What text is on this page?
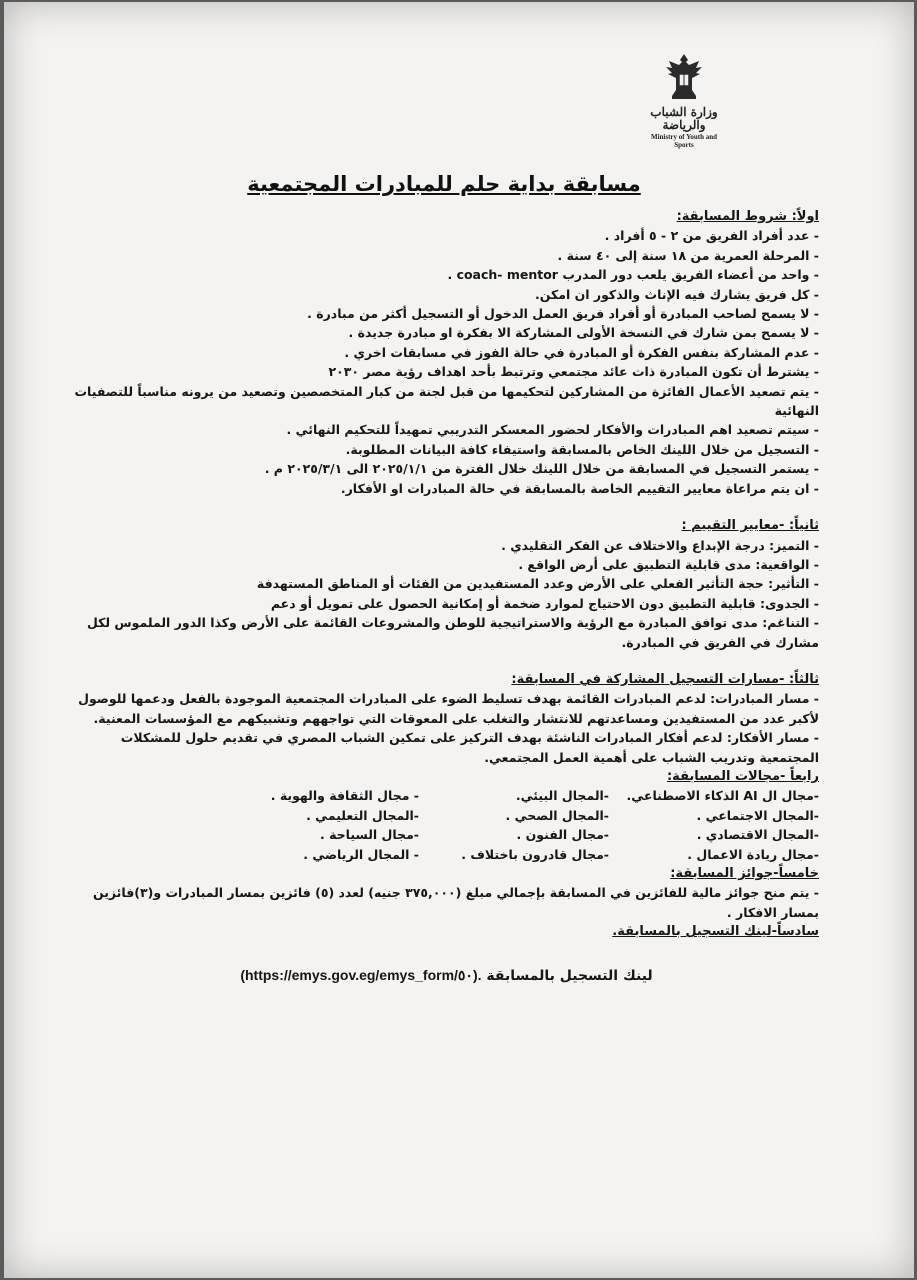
وزارة الشباب والرياضة
Ministry of Youth and Sports
مسابقة بداية حلم للمبادرات المجتمعية
اولاً: شروط المسابقة:
- عدد أفراد الفريق من ٢ - ٥ أفراد .
- المرحلة العمرية من ١٨ سنة إلى ٤٠ سنة .
- واحد من أعضاء الفريق يلعب دور المدرب coach- mentor .
- كل فريق يشارك فيه الإناث والذكور ان امكن.
- لا يسمح لصاحب المبادرة أو أفراد فريق العمل الدخول أو التسجيل أكثر من مبادرة .
- لا يسمح بمن شارك في النسخة الأولى المشاركة الا بفكرة او مبادرة جديدة .
- عدم المشاركة بنفس الفكرة أو المبادرة في حالة الفوز في مسابقات اخري .
- يشترط أن تكون المبادرة ذات عائد مجتمعي وترتبط بأحد اهداف رؤية مصر ٢٠٣٠
- يتم تصعيد الأعمال الفائزة من المشاركين لتحكيمها من قبل لجنة من كبار المتخصصين وتصعيد من يرونه مناسباً للتصفيات النهائية
- سيتم تصعيد اهم المبادرات والأفكار لحضور المعسكر التدريبي تمهيداً للتحكيم النهائي .
- التسجيل من خلال اللينك الخاص بالمسابقة واستيفاء كافة البيانات المطلوبة.
- يستمر التسجيل في المسابقة من خلال اللينك خلال الفترة من ٢٠٢٥/١/١ الى ٢٠٢٥/٣/١ م .
- ان يتم مراعاة معايير التقييم الخاصة بالمسابقة في حالة المبادرات او الأفكار.
ثانياً: -معايير التقييم :
- التميز: درجة الإبداع والاختلاف عن الفكر التقليدي .
- الواقعية: مدى قابلية التطبيق على أرض الواقع .
- التأثير: حجة التأثير الفعلي على الأرض وعدد المستفيدين من الفئات أو المناطق المستهدفة
- الجدوى: قابلية التطبيق دون الاحتياج لموارد ضخمة أو إمكانية الحصول على تمويل أو دعم
- التناغم: مدى توافق المبادرة مع الرؤية والاستراتيجية للوطن والمشروعات القائمة على الأرض وكذا الدور الملموس لكل مشارك في الفريق في المبادرة.
ثالثاً: -مسارات التسجيل المشاركة في المسابقة:
- مسار المبادرات: لدعم المبادرات القائمة بهدف تسليط الضوء على المبادرات المجتمعية الموجودة بالفعل ودعمها للوصول لأكبر عدد من المستفيدين ومساعدتهم للانتشار والتغلب على المعوقات التي تواجههم وتشبيكهم مع المؤسسات المعنية.
- مسار الأفكار: لدعم أفكار المبادرات الناشئة بهدف التركيز على تمكين الشباب المصري في تقديم حلول للمشكلات المجتمعية وتدريب الشباب على أهمية العمل المجتمعي.
رابعاً -مجالات المسابقة:
-مجال ال AI الذكاء الاصطناعي.
-المجال البيئي.
- مجال الثقافة والهوية .
-المجال الاجتماعي .
-المجال الصحي .
-المجال التعليمي .
-المجال الاقتصادي .
-مجال الفنون .
-مجال السياحة .
-مجال ريادة الاعمال .
-مجال قادرون باختلاف .
- المجال الرياضي .
خامساً-جوائز المسابقة:
- يتم منح جوائز مالية للفائزين في المسابقة بإجمالي مبلغ (٣٧٥,٠٠٠ جنيه) لعدد (٥) فائزين بمسار المبادرات و(٣)فائزين بمسار الافكار .
سادساً-لينك التسجيل بالمسابقة.
لينك التسجيل بالمسابقة (https://emys.gov.eg/emys_form/٥٠).
